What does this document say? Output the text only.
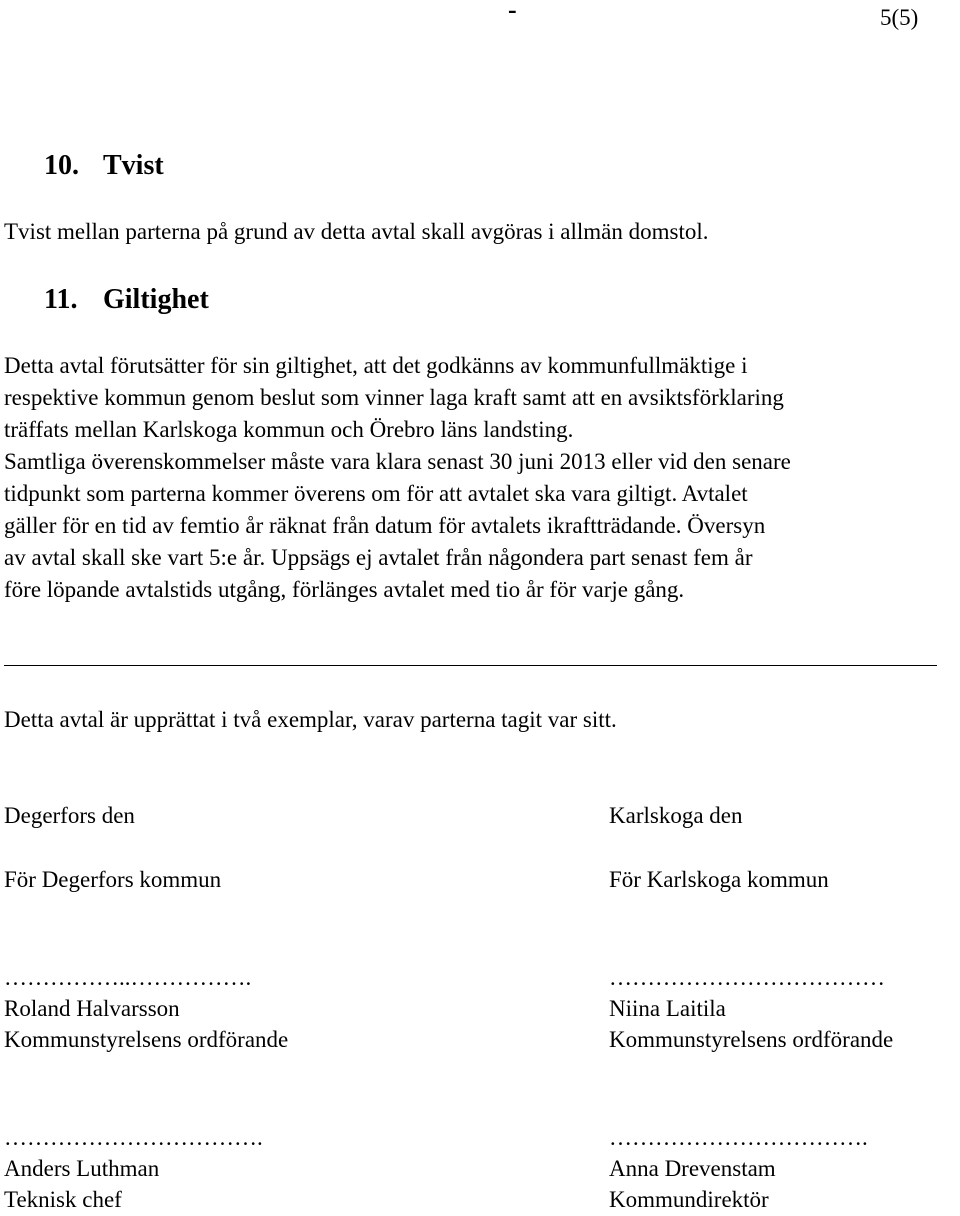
-	5(5)
10. Tvist
Tvist mellan parterna på grund av detta avtal skall avgöras i allmän domstol.
11. Giltighet

Detta avtal förutsätter för sin giltighet, att det godkänns av kommunfullmäktige i

respektive kommun genom beslut som vinner laga kraft samt att en avsiktsförklaring

träffats mellan Karlskoga kommun och Örebro läns landsting.

Samtliga överenskommelser måste vara klara senast 30 juni 2013 eller vid den senare

tidpunkt som parterna kommer överens om för att avtalet ska vara giltigt. Avtalet

gäller för en tid av femtio år räknat från datum för avtalets ikraftträdande. Översyn

av avtal skall ske vart 5:e år. Uppsägs ej avtalet från någondera part senast fem år

före löpande avtalstids utgång, förlänges avtalet med tio år för varje gång.

Detta avtal är upprättat i två exemplar, varav parterna tagit var sitt.
Degerfors den
För Degerfors kommun
……………..…………….
Roland Halvarsson
Kommunstyrelsens ordförande
…………………………….
Anders Luthman
Teknisk chef
Karlskoga den
För Karlskoga kommun
………………………………
Niina Laitila
Kommunstyrelsens ordförande
…………………………….
Anna Drevenstam
Kommundirektör
